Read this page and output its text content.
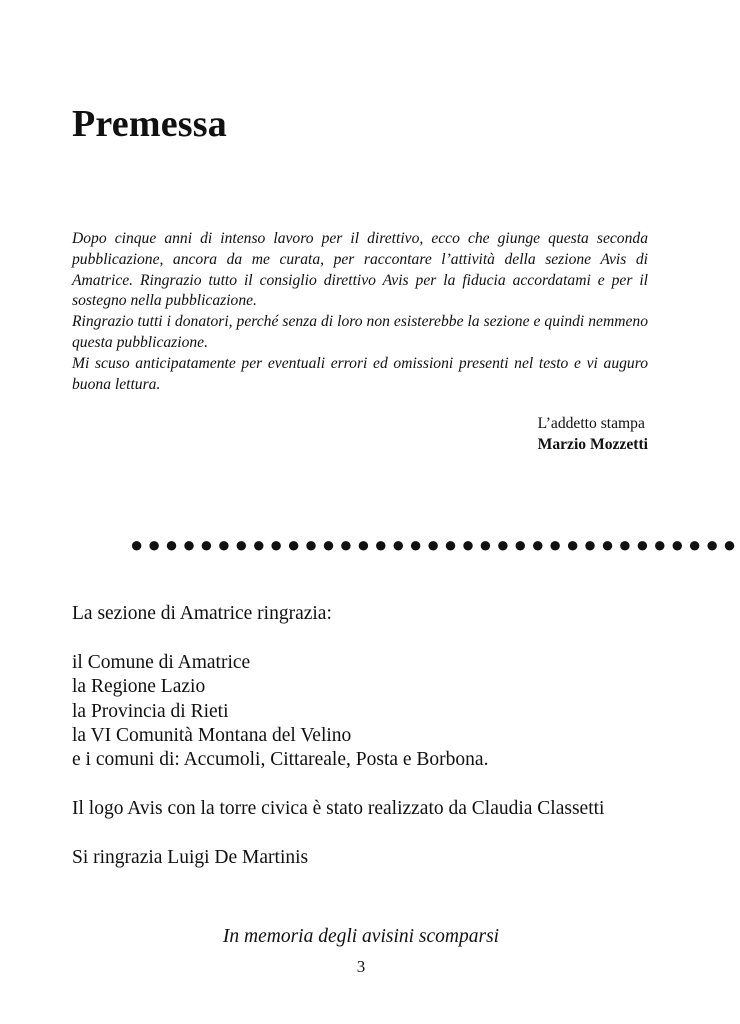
Premessa

Dopo cinque anni di intenso lavoro per il direttivo, ecco che giunge questa seconda pubblicazione, ancora da me curata, per raccontare l’attività della sezione Avis di Amatrice. Ringrazio tutto il consiglio direttivo Avis per la fiducia accordatami e per il sostegno nella pubblicazione.

Ringrazio tutti i donatori, perché senza di loro non esisterebbe la sezione e quindi nemmeno questa pubblicazione.

Mi scuso anticipatamente per eventuali errori ed omissioni presenti nel testo e vi auguro buona lettura.

L’addetto stampa
Marzio Mozzetti
●●●●●●●●●●●●●●●●●●●●●●●●●●●●●●●●●●●

La sezione di Amatrice ringrazia:

il Comune di Amatrice

la Regione Lazio

la Provincia di Rieti

la VI Comunità Montana del Velino

e i comuni di: Accumoli, Cittareale, Posta e Borbona.

Il logo Avis con la torre civica è stato realizzato da Claudia Classetti

Si ringrazia Luigi De Martinis

In memoria degli avisini scomparsi
3
